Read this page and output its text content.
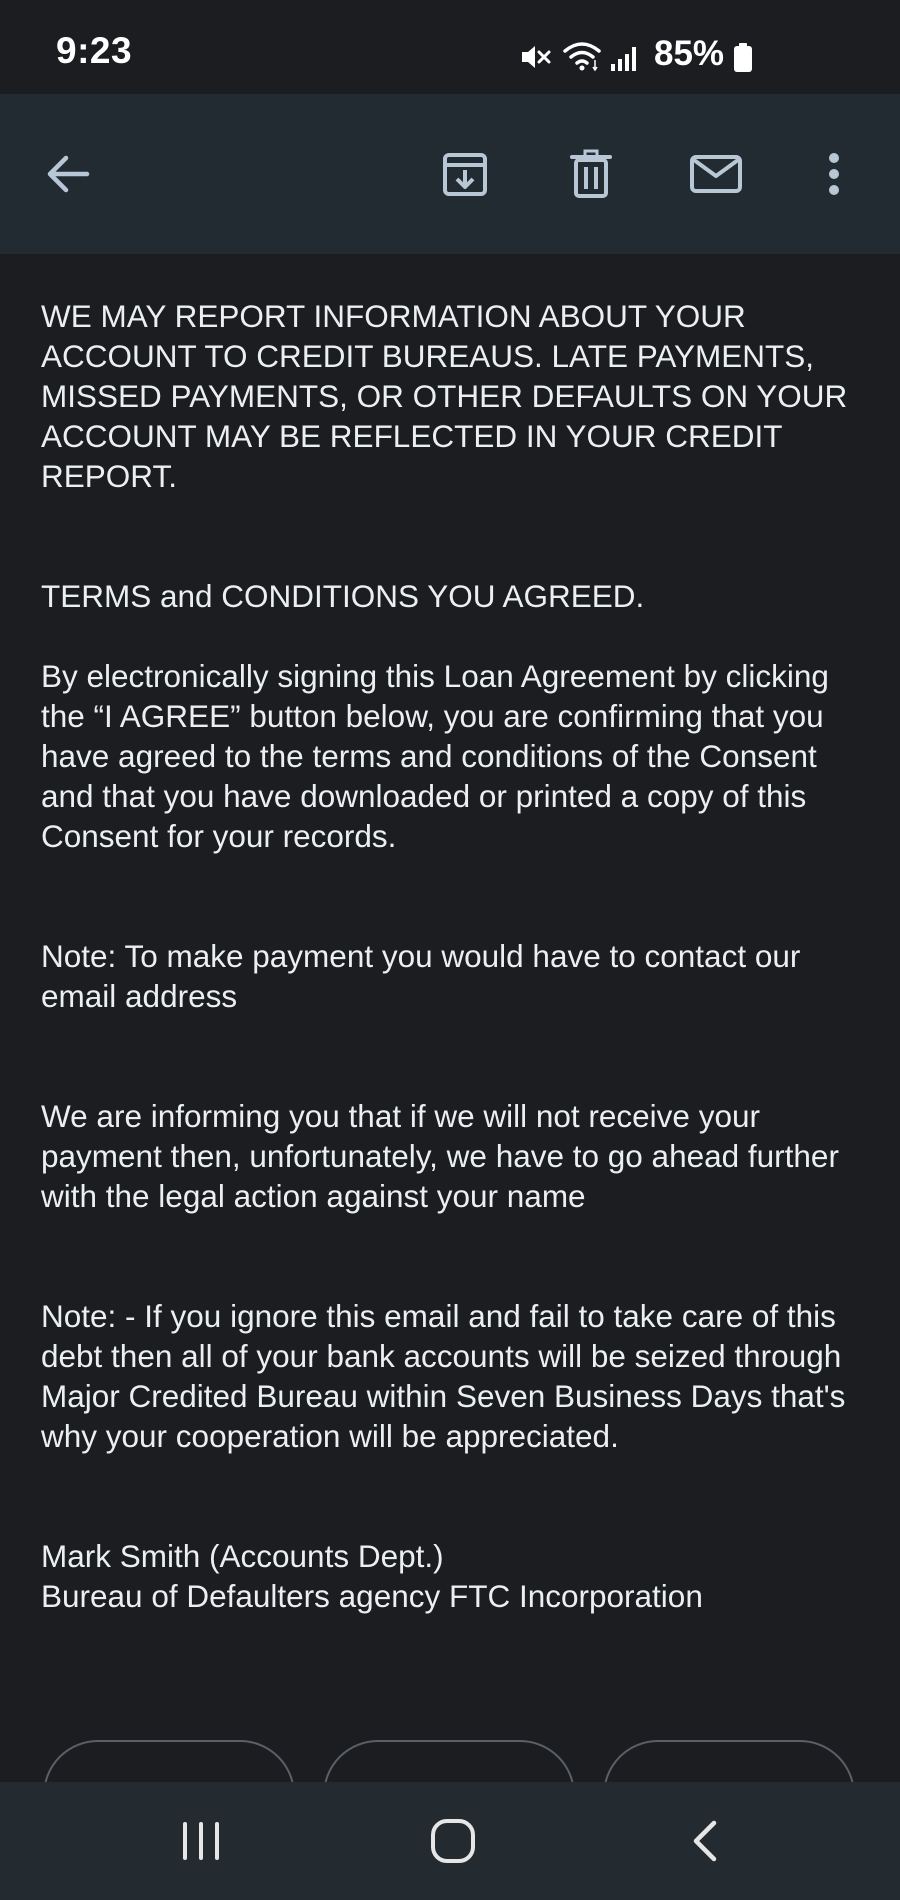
9:23	85%

WE MAY REPORT INFORMATION ABOUT YOUR ACCOUNT TO CREDIT BUREAUS. LATE PAYMENTS, MISSED PAYMENTS, OR OTHER DEFAULTS ON YOUR ACCOUNT MAY BE REFLECTED IN YOUR CREDIT REPORT.

TERMS and CONDITIONS YOU AGREED.

By electronically signing this Loan Agreement by clicking the “I AGREE” button below, you are confirming that you have agreed to the terms and conditions of the Consent and that you have downloaded or printed a copy of this Consent for your records.

Note: To make payment you would have to contact our email address

We are informing you that if we will not receive your payment then, unfortunately, we have to go ahead further with the legal action against your name

Note: - If you ignore this email and fail to take care of this debt then all of your bank accounts will be seized through Major Credited Bureau within Seven Business Days that's why your cooperation will be appreciated.

Mark Smith (Accounts Dept.)

Bureau of Defaulters agency FTC Incorporation
